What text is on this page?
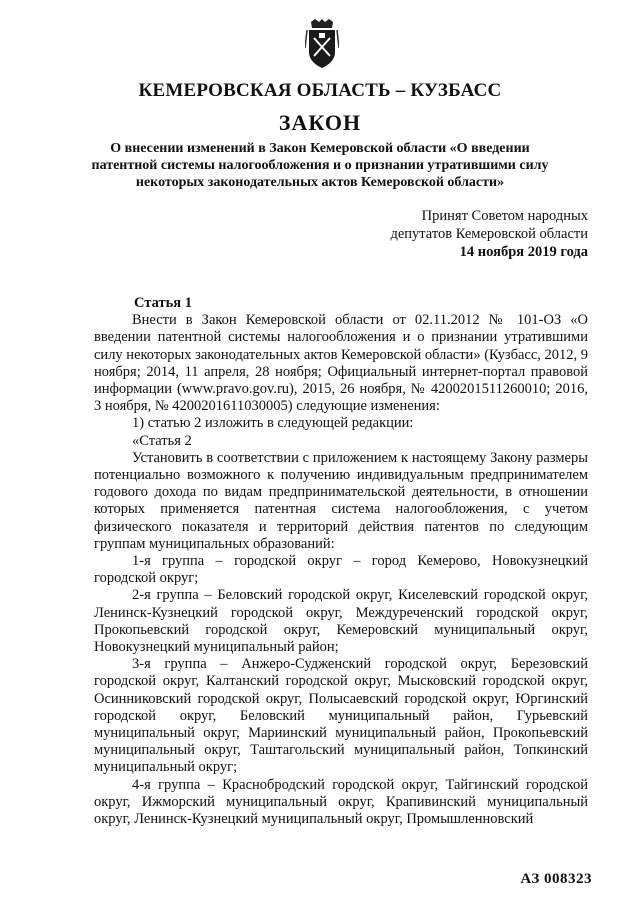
КЕМЕРОВСКАЯ ОБЛАСТЬ – КУЗБАСС
ЗАКОН
О внесении изменений в Закон Кемеровской области «О введении патентной системы налогообложения и о признании утратившими силу некоторых законодательных актов Кемеровской области»
Принят Советом народных
депутатов Кемеровской области
14 ноября 2019 года

Статья 1

Внести в Закон Кемеровской области от 02.11.2012 № 101-ОЗ «О введении патентной системы налогообложения и о признании утратившими силу некоторых законодательных актов Кемеровской области» (Кузбасс, 2012, 9 ноября; 2014, 11 апреля, 28 ноября; Официальный интернет-портал правовой информации (www.pravo.gov.ru), 2015, 26 ноября, № 4200201511260010; 2016, 3 ноября, № 4200201611030005) следующие изменения:

1) статью 2 изложить в следующей редакции:

«Статья 2

Установить в соответствии с приложением к настоящему Закону размеры потенциально возможного к получению индивидуальным предпринимателем годового дохода по видам предпринимательской деятельности, в отношении которых применяется патентная система налогообложения, с учетом физического показателя и территорий действия патентов по следующим группам муниципальных образований:

1-я группа – городской округ – город Кемерово, Новокузнецкий городской округ;

2-я группа – Беловский городской округ, Киселевский городской округ, Ленинск-Кузнецкий городской округ, Междуреченский городской округ, Прокопьевский городской округ, Кемеровский муниципальный округ, Новокузнецкий муниципальный район;

3-я группа – Анжеро-Судженский городской округ, Березовский городской округ, Калтанский городской округ, Мысковский городской округ, Осинниковский городской округ, Полысаевский городской округ, Юргинский городской округ, Беловский муниципальный район, Гурьевский муниципальный округ, Мариинский муниципальный район, Прокопьевский муниципальный округ, Таштагольский муниципальный район, Топкинский муниципальный округ;

4-я группа – Краснобродский городской округ, Тайгинский городской округ, Ижморский муниципальный округ, Крапивинский муниципальный округ, Ленинск-Кузнецкий муниципальный округ, Промышленновский

АЗ 008323
